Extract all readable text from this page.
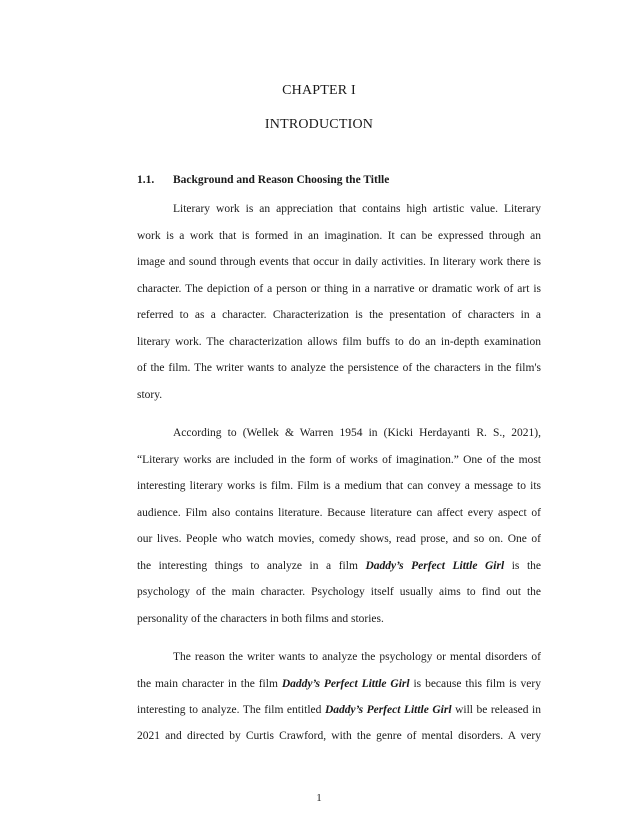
CHAPTER I
INTRODUCTION
1.1. Background and Reason Choosing the Titlle
Literary work is an appreciation that contains high artistic value. Literary
work is a work that is formed in an imagination. It can be expressed through an
image and sound through events that occur in daily activities. In literary work there is
character. The depiction of a person or thing in a narrative or dramatic work of art is
referred to as a character. Characterization is the presentation of characters in a
literary work. The characterization allows film buffs to do an in-depth examination
of the film. The writer wants to analyze the persistence of the characters in the film's
story.
According to (Wellek & Warren 1954 in (Kicki Herdayanti R. S., 2021),
“Literary works are included in the form of works of imagination.” One of the most
interesting literary works is film. Film is a medium that can convey a message to its
audience. Film also contains literature. Because literature can affect every aspect of
our lives. People who watch movies, comedy shows, read prose, and so on. One of
the interesting things to analyze in a film Daddy’s Perfect Little Girl is the
psychology of the main character. Psychology itself usually aims to find out the
personality of the characters in both films and stories.
The reason the writer wants to analyze the psychology or mental disorders of
the main character in the film Daddy’s Perfect Little Girl is because this film is very
interesting to analyze. The film entitled Daddy’s Perfect Little Girl will be released in
2021 and directed by Curtis Crawford, with the genre of mental disorders. A very
1
